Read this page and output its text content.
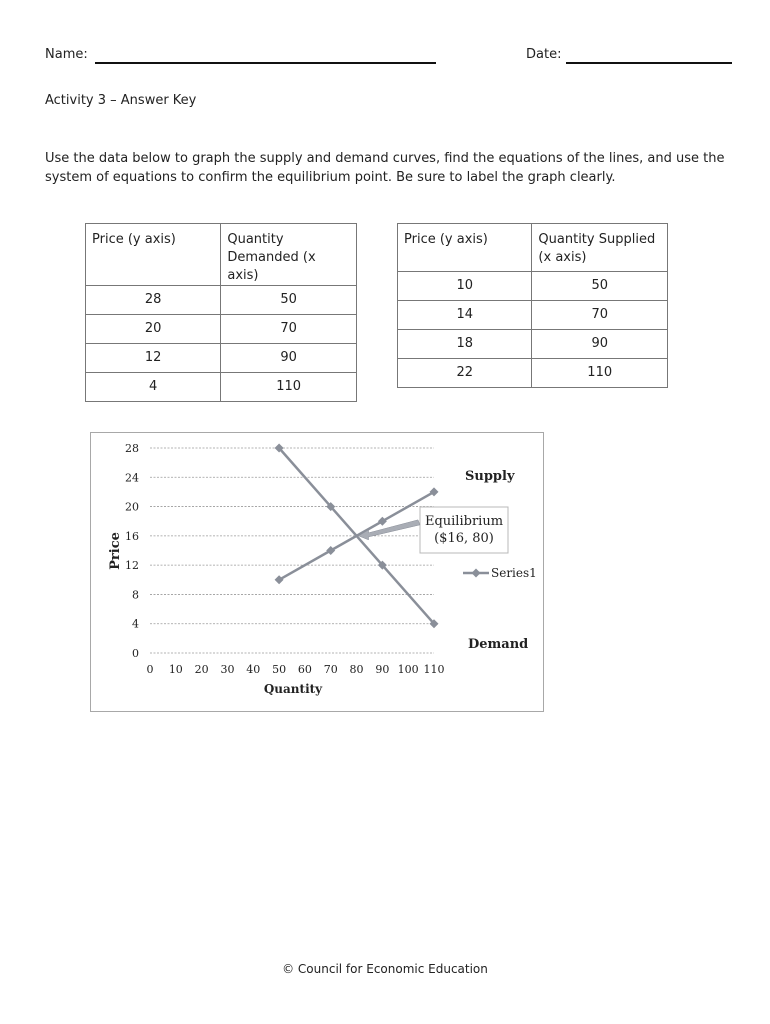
Name:	Date:
Activity 3 – Answer Key
Use the data below to graph the supply and demand curves, find the equations of the lines, and use the
system of equations to confirm the equilibrium point. Be sure to label the graph clearly.
Price (y axis)	Quantity
Demanded (x axis)

28	50
20	70
12	90
4	110
Price (y axis)	Quantity Supplied
(x axis)

10	50
14	70
18	90
22	110
0
4
8
12
16
20
24
28
0 10 20 30 40 50 60 70 80 90 100 110
Price
Quantity
Supply
Demand
Equilibrium
($16, 80)
Series1
© Council for Economic Education
